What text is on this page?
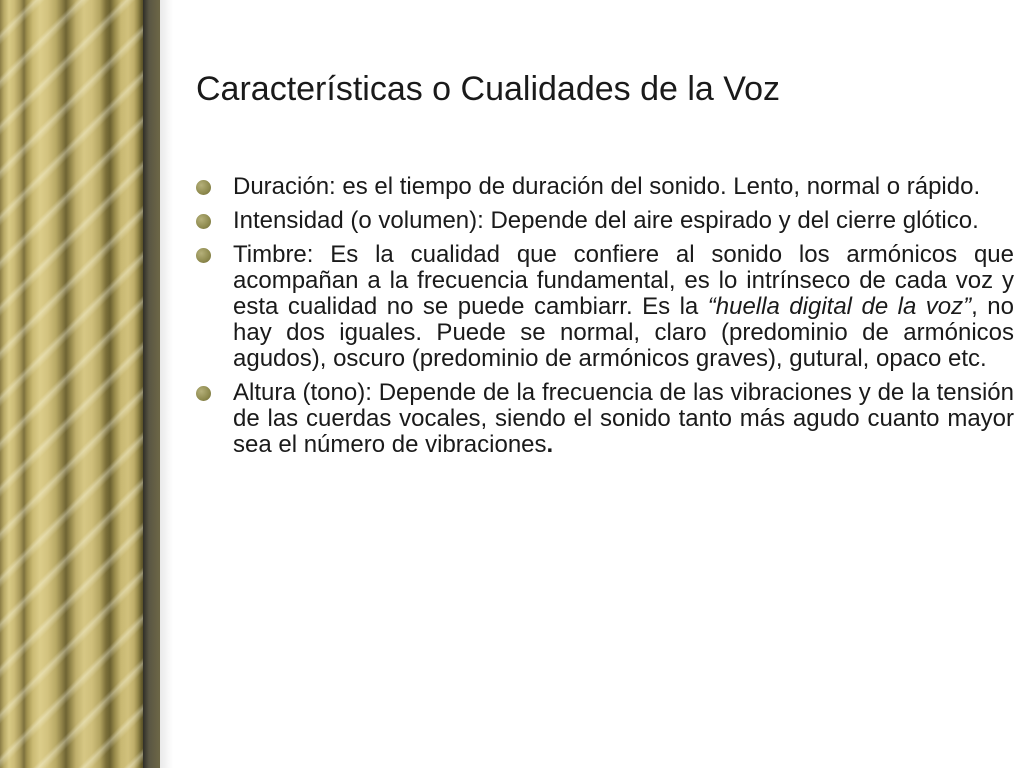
Características o Cualidades de la Voz
Duración: es el tiempo de duración del sonido. Lento, normal o rápido.
Intensidad (o volumen): Depende del aire espirado y del cierre glótico.
Timbre: Es la cualidad que confiere al sonido los armónicos que acompañan a la frecuencia fundamental, es lo intrínseco de cada voz y esta cualidad no se puede cambiarr. Es la “huella digital de la voz”, no hay dos iguales. Puede se normal, claro (predominio de armónicos agudos), oscuro (predominio de armónicos graves), gutural, opaco etc.
Altura (tono): Depende de la frecuencia de las vibraciones y de la tensión de las cuerdas vocales, siendo el sonido tanto más agudo cuanto mayor sea el número de vibraciones.
